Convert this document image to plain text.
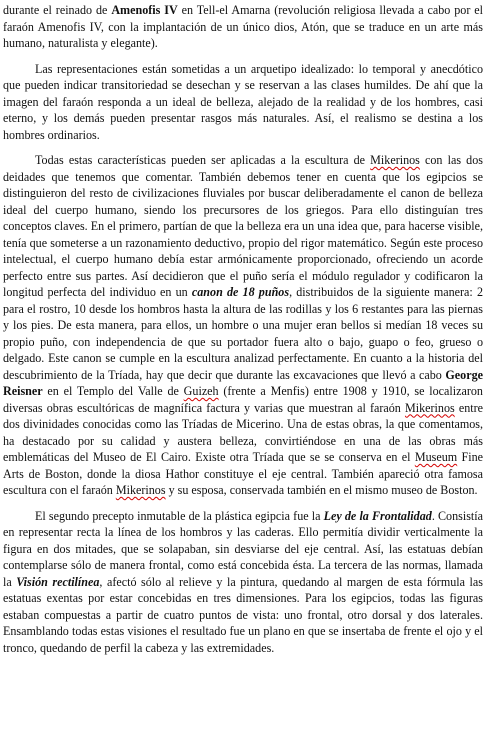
durante el reinado de Amenofis IV en Tell-el Amarna (revolución religiosa llevada a cabo por el faraón Amenofis IV, con la implantación de un único dios, Atón, que se traduce en un arte más humano, naturalista y elegante).

Las representaciones están sometidas a un arquetipo idealizado: lo temporal y anecdótico que pueden indicar transitoriedad se desechan y se reservan a las clases humildes. De ahí que la imagen del faraón responda a un ideal de belleza, alejado de la realidad y de los hombres, casi eterno, y los demás pueden presentar rasgos más naturales. Así, el realismo se destina a los hombres ordinarios.

Todas estas características pueden ser aplicadas a la escultura de Mikerinos con las dos deidades que tenemos que comentar. También debemos tener en cuenta que los egipcios se distinguieron del resto de civilizaciones fluviales por buscar deliberadamente el canon de belleza ideal del cuerpo humano, siendo los precursores de los griegos. Para ello distinguían tres conceptos claves. En el primero, partían de que la belleza era un una idea que, para hacerse visible, tenía que someterse a un razonamiento deductivo, propio del rigor matemático. Según este proceso intelectual, el cuerpo humano debía estar armónicamente proporcionado, ofreciendo un acorde perfecto entre sus partes. Así decidieron que el puño sería el módulo regulador y codificaron la longitud perfecta del individuo en un canon de 18 puños, distribuidos de la siguiente manera: 2 para el rostro, 10 desde los hombros hasta la altura de las rodillas y los 6 restantes para las piernas y los pies. De esta manera, para ellos, un hombre o una mujer eran bellos si medían 18 veces su propio puño, con independencia de que su portador fuera alto o bajo, guapo o feo, grueso o delgado. Este canon se cumple en la escultura analizad perfectamente. En cuanto a la historia del descubrimiento de la Tríada, hay que decir que durante las excavaciones que llevó a cabo George Reisner en el Templo del Valle de Guizeh (frente a Menfis) entre 1908 y 1910, se localizaron diversas obras escultóricas de magnífica factura y varias que muestran al faraón Mikerinos entre dos divinidades conocidas como las Tríadas de Micerino. Una de estas obras, la que comentamos, ha destacado por su calidad y austera belleza, convirtiéndose en una de las obras más emblemáticas del Museo de El Cairo. Existe otra Tríada que se se conserva en el Museum Fine Arts de Boston, donde la diosa Hathor constituye el eje central. También apareció otra famosa escultura con el faraón Mikerinos y su esposa, conservada también en el mismo museo de Boston.

El segundo precepto inmutable de la plástica egipcia fue la Ley de la Frontalidad. Consistía en representar recta la línea de los hombros y las caderas. Ello permitía dividir verticalmente la figura en dos mitades, que se solapaban, sin desviarse del eje central. Así, las estatuas debían contemplarse sólo de manera frontal, como está concebida ésta. La tercera de las normas, llamada la Visión rectilínea, afectó sólo al relieve y la pintura, quedando al margen de esta fórmula las estatuas exentas por estar concebidas en tres dimensiones. Para los egipcios, todas las figuras estaban compuestas a partir de cuatro puntos de vista: uno frontal, otro dorsal y dos laterales. Ensamblando todas estas visiones el resultado fue un plano en que se insertaba de frente el ojo y el tronco, quedando de perfil la cabeza y las extremidades.
